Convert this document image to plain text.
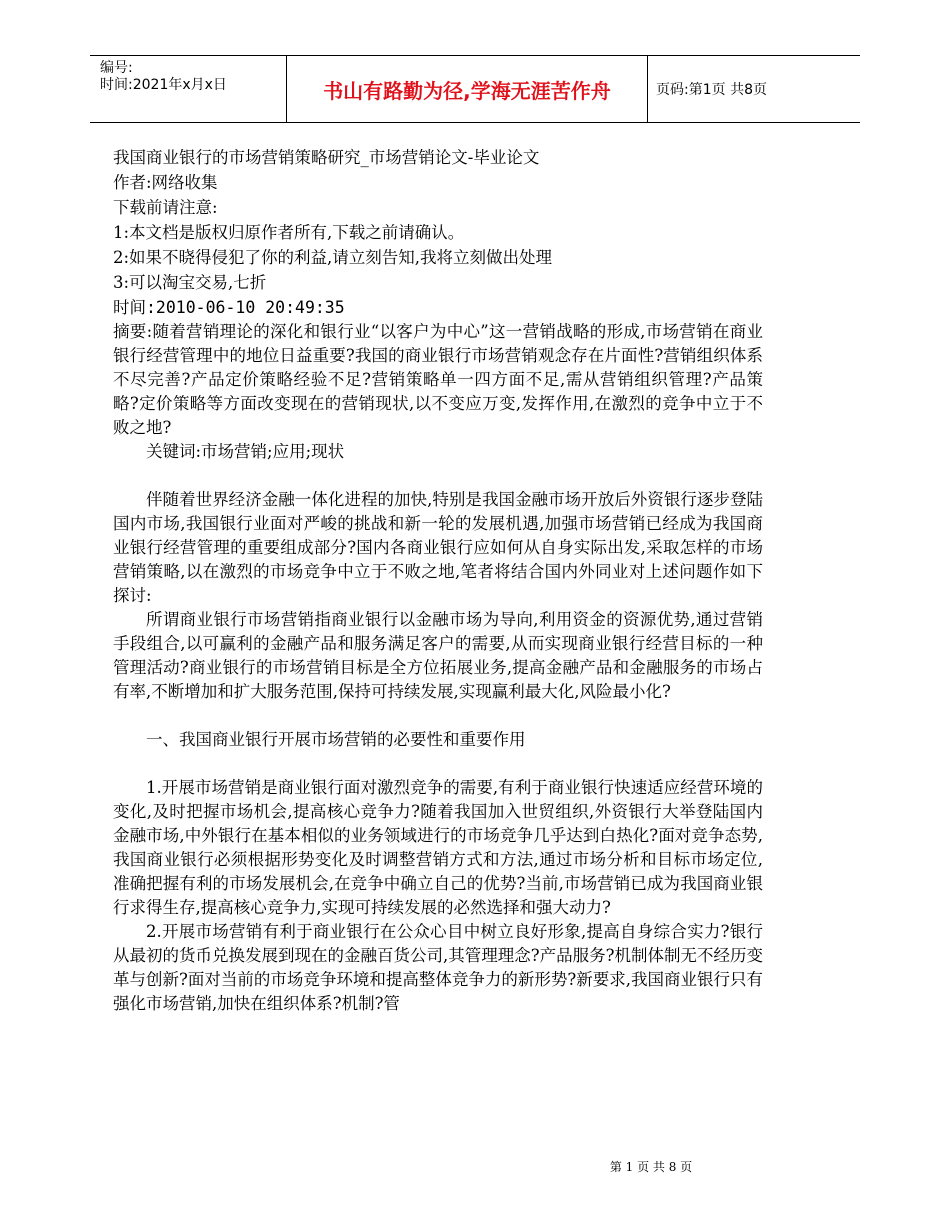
编号:
时间:2021年x月x日	书山有路勤为径,学海无涯苦作舟	页码:第1页 共8页
我国商业银行的市场营销策略研究_市场营销论文-毕业论文
作者:网络收集
下载前请注意:
1:本文档是版权归原作者所有,下载之前请确认。
2:如果不晓得侵犯了你的利益,请立刻告知,我将立刻做出处理
3:可以淘宝交易,七折
时间:2010-06-10 20:49:35
摘要:随着营销理论的深化和银行业“以客户为中心”这一营销战略的形成,市场营销在商业银行经营管理中的地位日益重要?我国的商业银行市场营销观念存在片面性?营销组织体系不尽完善?产品定价策略经验不足?营销策略单一四方面不足,需从营销组织管理?产品策略?定价策略等方面改变现在的营销现状,以不变应万变,发挥作用,在激烈的竞争中立于不败之地?
关键词:市场营销;应用;现状
伴随着世界经济金融一体化进程的加快,特别是我国金融市场开放后外资银行逐步登陆国内市场,我国银行业面对严峻的挑战和新一轮的发展机遇,加强市场营销已经成为我国商业银行经营管理的重要组成部分?国内各商业银行应如何从自身实际出发,采取怎样的市场营销策略,以在激烈的市场竞争中立于不败之地,笔者将结合国内外同业对上述问题作如下探讨:
所谓商业银行市场营销指商业银行以金融市场为导向,利用资金的资源优势,通过营销手段组合,以可赢利的金融产品和服务满足客户的需要,从而实现商业银行经营目标的一种管理活动?商业银行的市场营销目标是全方位拓展业务,提高金融产品和金融服务的市场占有率,不断增加和扩大服务范围,保持可持续发展,实现赢利最大化,风险最小化?
一、我国商业银行开展市场营销的必要性和重要作用
1.开展市场营销是商业银行面对激烈竞争的需要,有利于商业银行快速适应经营环境的变化,及时把握市场机会,提高核心竞争力?随着我国加入世贸组织,外资银行大举登陆国内金融市场,中外银行在基本相似的业务领域进行的市场竞争几乎达到白热化?面对竞争态势,我国商业银行必须根据形势变化及时调整营销方式和方法,通过市场分析和目标市场定位,准确把握有利的市场发展机会,在竞争中确立自己的优势?当前,市场营销已成为我国商业银行求得生存,提高核心竞争力,实现可持续发展的必然选择和强大动力?
2.开展市场营销有利于商业银行在公众心目中树立良好形象,提高自身综合实力?银行从最初的货币兑换发展到现在的金融百货公司,其管理理念?产品服务?机制体制无不经历变革与创新?面对当前的市场竞争环境和提高整体竞争力的新形势?新要求,我国商业银行只有强化市场营销,加快在组织体系?机制?管
第 1 页 共 8 页
